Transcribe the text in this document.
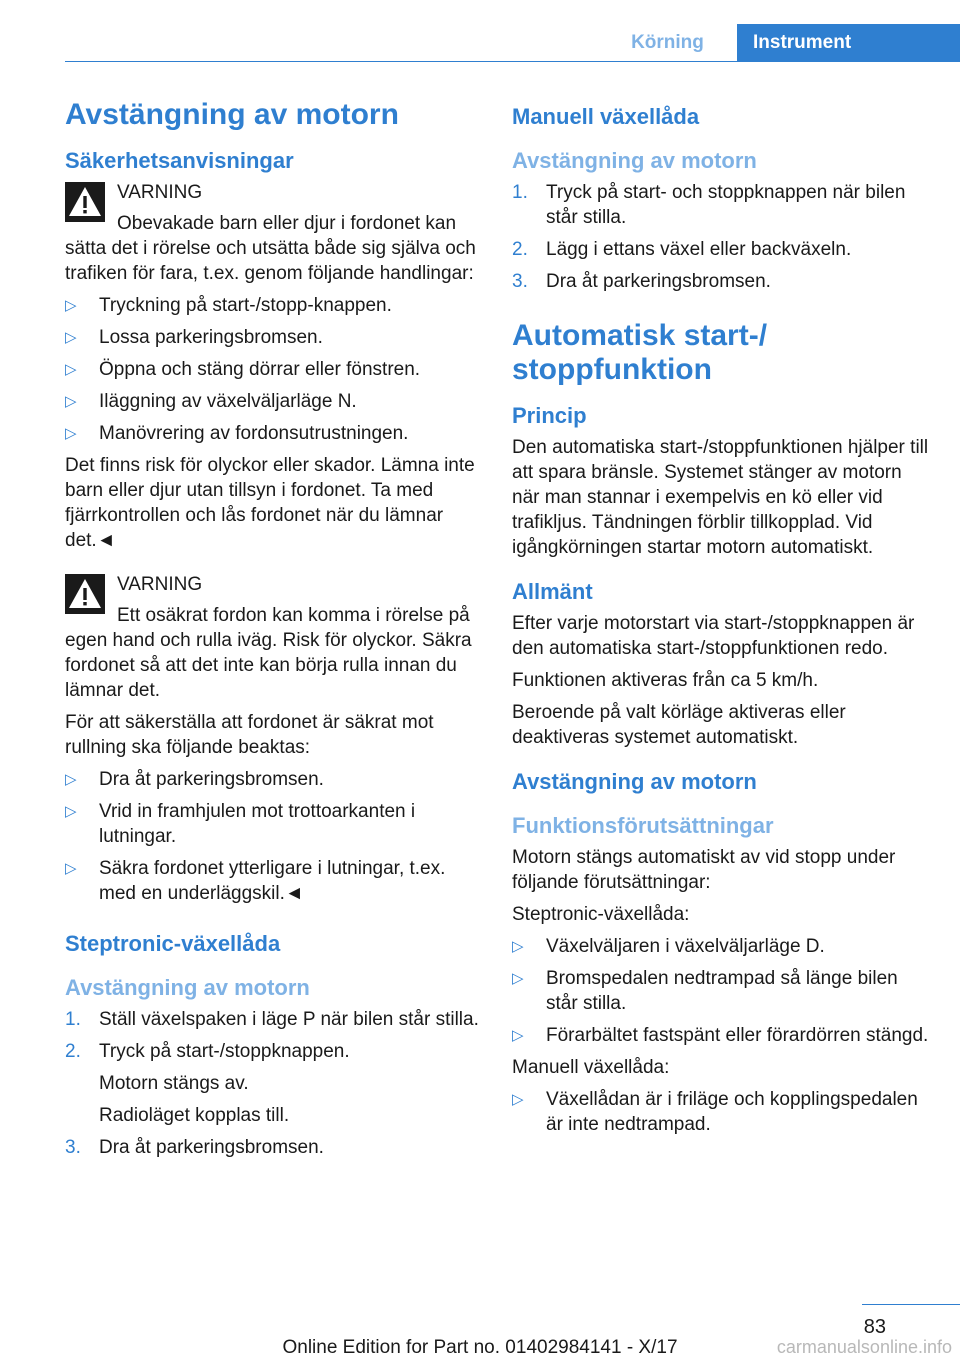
Körning	Instrument
Avstängning av motorn
Säkerhetsanvisningar
VARNING

Obevakade barn eller djur i fordonet kan sätta det i rörelse och utsätta både sig själva och trafiken för fara, t.ex. genom följande handlingar:

▷ Tryckning på start-/stopp-knappen.
▷ Lossa parkeringsbromsen.
▷ Öppna och stäng dörrar eller fönstren.
▷ Iläggning av växelväljarläge N.
▷ Manövrering av fordonsutrustningen.

Det finns risk för olyckor eller skador. Lämna inte barn eller djur utan tillsyn i fordonet. Ta med fjärrkontrollen och lås fordonet när du lämnar det.◄

VARNING

Ett osäkrat fordon kan komma i rörelse på egen hand och rulla iväg. Risk för olyckor. Säkra fordonet så att det inte kan börja rulla innan du lämnar det.

För att säkerställa att fordonet är säkrat mot rullning ska följande beaktas:

▷ Dra åt parkeringsbromsen.
▷ Vrid in framhjulen mot trottoarkanten i lutningar.
▷ Säkra fordonet ytterligare i lutningar, t.ex. med en underläggskil.◄
Steptronic-växellåda
Avstängning av motorn
1. Ställ växelspaken i läge P när bilen står stilla.
2. Tryck på start-/stoppknappen.
Motorn stängs av.
Radioläget kopplas till.
3. Dra åt parkeringsbromsen.
Manuell växellåda
Avstängning av motorn
1. Tryck på start- och stoppknappen när bilen står stilla.
2. Lägg i ettans växel eller backväxeln.
3. Dra åt parkeringsbromsen.
Automatisk start-/ stoppfunktion
Princip

Den automatiska start-/stoppfunktionen hjälper till att spara bränsle. Systemet stänger av motorn när man stannar i exempelvis en kö eller vid trafikljus. Tändningen förblir tillkopplad. Vid igångkörningen startar motorn automatiskt.

Allmänt

Efter varje motorstart via start-/stoppknappen är den automatiska start-/stoppfunktionen redo.

Funktionen aktiveras från ca 5 km/h.

Beroende på valt körläge aktiveras eller deaktiveras systemet automatiskt.

Avstängning av motorn
Funktionsförutsättningar

Motorn stängs automatiskt av vid stopp under följande förutsättningar:

Steptronic-växellåda:

▷ Växelväljaren i växelväljarläge D.
▷ Bromspedalen nedtrampad så länge bilen står stilla.
▷ Förarbältet fastspänt eller förardörren stängd.

Manuell växellåda:

▷ Växellådan är i friläge och kopplingspedalen är inte nedtrampad.
83
Online Edition for Part no. 01402984141 - X/17	carmanualsonline.info
